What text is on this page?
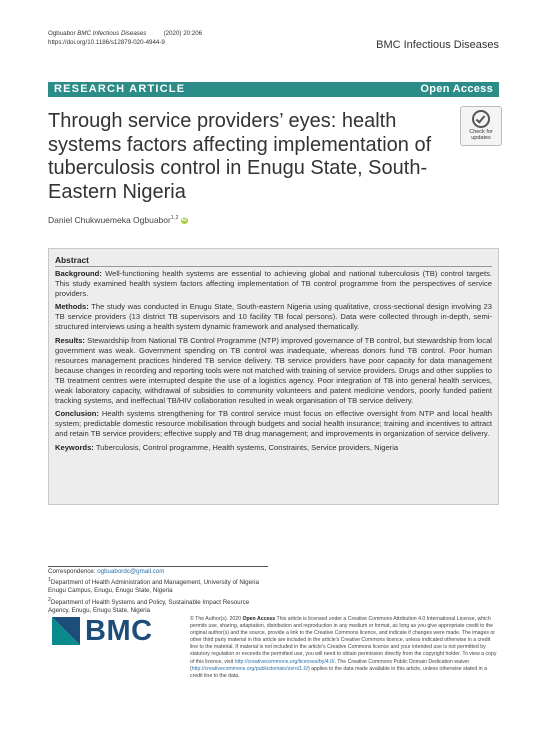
Ogbuabor BMC Infectious Diseases	(2020) 20:206
https://doi.org/10.1186/s12879-020-4944-9	BMC Infectious Diseases
RESEARCH ARTICLE	Open Access
Through service providers’ eyes: health systems factors affecting implementation of tuberculosis control in Enugu State, South-Eastern Nigeria
Check for
updates
Daniel Chukwuemeka Ogbuabor$^{1,2}$ iD
Abstract

Background: Well-functioning health systems are essential to achieving global and national tuberculosis (TB) control targets. This study examined health system factors affecting implementation of TB control programme from the perspectives of service providers.

Methods: The study was conducted in Enugu State, South-eastern Nigeria using qualitative, cross-sectional design involving 23 TB service providers (13 district TB supervisors and 10 facility TB focal persons). Data were collected through in-depth, semi-structured interviews using a health system dynamic framework and analysed thematically.

Results: Stewardship from National TB Control Programme (NTP) improved governance of TB control, but stewardship from local government was weak. Government spending on TB control was inadequate, whereas donors fund TB control. Poor human resources management practices hindered TB service delivery. TB service providers have poor capacity for data management because changes in recording and reporting tools were not matched with training of service providers. Drugs and other supplies to TB treatment centres were interrupted despite the use of a logistics agency. Poor integration of TB into general health services, weak laboratory capacity, withdrawal of subsidies to community volunteers and patent medicine vendors, poorly funded patient tracking systems, and ineffectual TB/HIV collaboration resulted in weak organisation of TB service delivery.

Conclusion: Health systems strengthening for TB control service must focus on effective oversight from NTP and local health system; predictable domestic resource mobilisation through budgets and social health insurance; training and incentives to attract and retain TB service providers; effective supply and TB drug management; and improvements in organization of service delivery.

Keywords: Tuberculosis, Control programme, Health systems, Constraints, Service providers, Nigeria

Correspondence: ogbuabordc@gmail.com
$^1$Department of Health Administration and Management, University of Nigeria Enugu Campus, Enugu, Enugu State, Nigeria
$^2$Department of Health Systems and Policy, Sustainable Impact Resource Agency, Enugu, Enugu State, Nigeria
BMC	© The Author(s). 2020 Open Access This article is licensed under a Creative Commons Attribution 4.0 International License, which permits use, sharing, adaptation, distribution and reproduction in any medium or format, as long as you give appropriate credit to the original author(s) and the source, provide a link to the Creative Commons licence, and indicate if changes were made. The images or other third party material in this article are included in the article's Creative Commons licence, unless indicated otherwise in a credit line to the material. If material is not included in the article's Creative Commons licence and your intended use is not permitted by statutory regulation or exceeds the permitted use, you will need to obtain permission directly from the copyright holder. To view a copy of this licence, visit http://creativecommons.org/licenses/by/4.0/. The Creative Commons Public Domain Dedication waiver (http://creativecommons.org/publicdomain/zero/1.0/) applies to the data made available in this article, unless otherwise stated in a credit line to the data.
